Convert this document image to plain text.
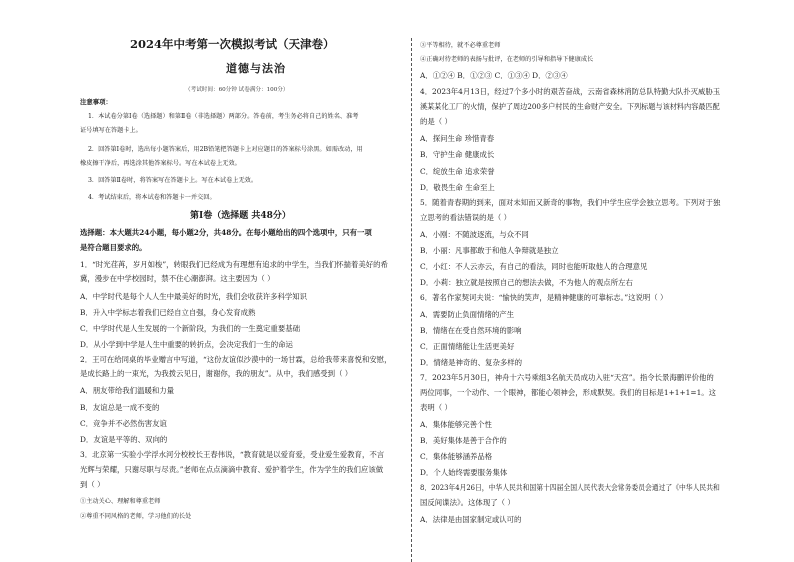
2024年中考第一次模拟考试（天津卷）
道德与法治
（考试时间：60分钟 试卷满分：100分）
注意事项：
1．本试卷分第Ⅰ卷（选择题）和第Ⅱ卷（非选择题）两部分。答卷前，考生务必将自己的姓名、准考
证号填写在答题卡上。
2．回答第Ⅰ卷时，选出每小题答案后，用2B铅笔把答题卡上对应题目的答案标号涂黑。如需改动，用
橡皮擦干净后，再选涂其他答案标号。写在本试卷上无效。
3．回答第Ⅱ卷时，将答案写在答题卡上。写在本试卷上无效。
4．考试结束后，将本试卷和答题卡一并交回。
第Ⅰ卷（选择题 共48分）
选择题：本大题共24小题，每小题2分，共48分。在每小题给出的四个选项中，只有一项
是符合题目要求的。
1．“时光荏苒，岁月如梭”，转眼我们已经成为有理想有追求的中学生，当我们怀揣着美好的希
冀，漫步在中学校园时，禁不住心潮澎湃。这主要因为（ ）
A．中学时代是每个人人生中最美好的时光，我们会收获许多科学知识
B．升入中学标志着我们已经自立自强，身心发育成熟
C．中学时代是人生发展的一个新阶段，为我们的一生奠定重要基础
D．从小学到中学是人生中重要的转折点，会决定我们一生的命运
2．王可在给同桌的毕业赠言中写道，“这份友谊似沙漠中的一场甘霖，总给我带来喜悦和安慰，
是成长路上的一束光，为我拨云见日，谢谢你，我的朋友”。从中，我们感受到（ ）
A．朋友带给我们温暖和力量
B．友谊总是一成不变的
C．竞争并不必然伤害友谊
D．友谊是平等的、双向的
3．北京第一实验小学浮水河分校校长王春伟说，“教育就是以爱育爱，受业爱生爱教育，不言
光辉与荣耀，只谢尽职与尽责。”老师在点点滴滴中教育、爱护着学生，作为学生的我们应该做
到（ ）
①主动关心、理解和尊重老师
②尊重不同风格的老师，学习他们的长处
③平等相待，就不必尊重老师
④正确对待老师的表扬与批评，在老师的引导和指导下健康成长
A．①②④ B．①②③ C．①③④ D．②③④
4．2023年4月13日，经过7个多小时的艰苦奋战，云南省森林消防总队特勤大队扑灭威胁玉
溪某某化工厂的火情，保护了周边200多户村民的生命财产安全。下列标题与该材料内容最匹配
的是（ ）
A．探问生命 珍惜青春
B．守护生命 健康成长
C．绽放生命 追求荣誉
D．敬畏生命 生命至上
5．随着青春期的到来，面对未知而又新奇的事物，我们中学生应学会独立思考。下列对于独
立思考的看法错误的是（ ）
A．小刚：不随波逐流，与众不同
B．小丽：凡事都敢于和他人争辩就是独立
C．小红：不人云亦云，有自己的看法，同时也能听取他人的合理意见
D．小莉：独立就是按照自己的想法去做，不为他人的观点所左右
6．著名作家契诃夫说：“愉快的笑声，是精神健康的可靠标志。”这说明（ ）
A．需要防止负面情绪的产生
B．情绪在在受自然环境的影响
C．正面情绪能让生活更美好
D．情绪是神奇的、复杂多样的
7．2023年5月30日，神舟十六号乘组3名航天员成功入驻“天宫”。指令长景海鹏评价他的
两位同事，一个动作、一个眼神，都能心领神会，形成默契。我们的目标是1+1+1=1。这
表明（ ）
A．集体能够完善个性
B．美好集体是善于合作的
C．集体能够涵养品格
D．个人始终需要服务集体
8．2023年4月26日，中华人民共和国第十四届全国人民代表大会常务委员会通过了《中华人民共和
国反间谍法》。这体现了（ ）
A．法律是由国家制定或认可的
